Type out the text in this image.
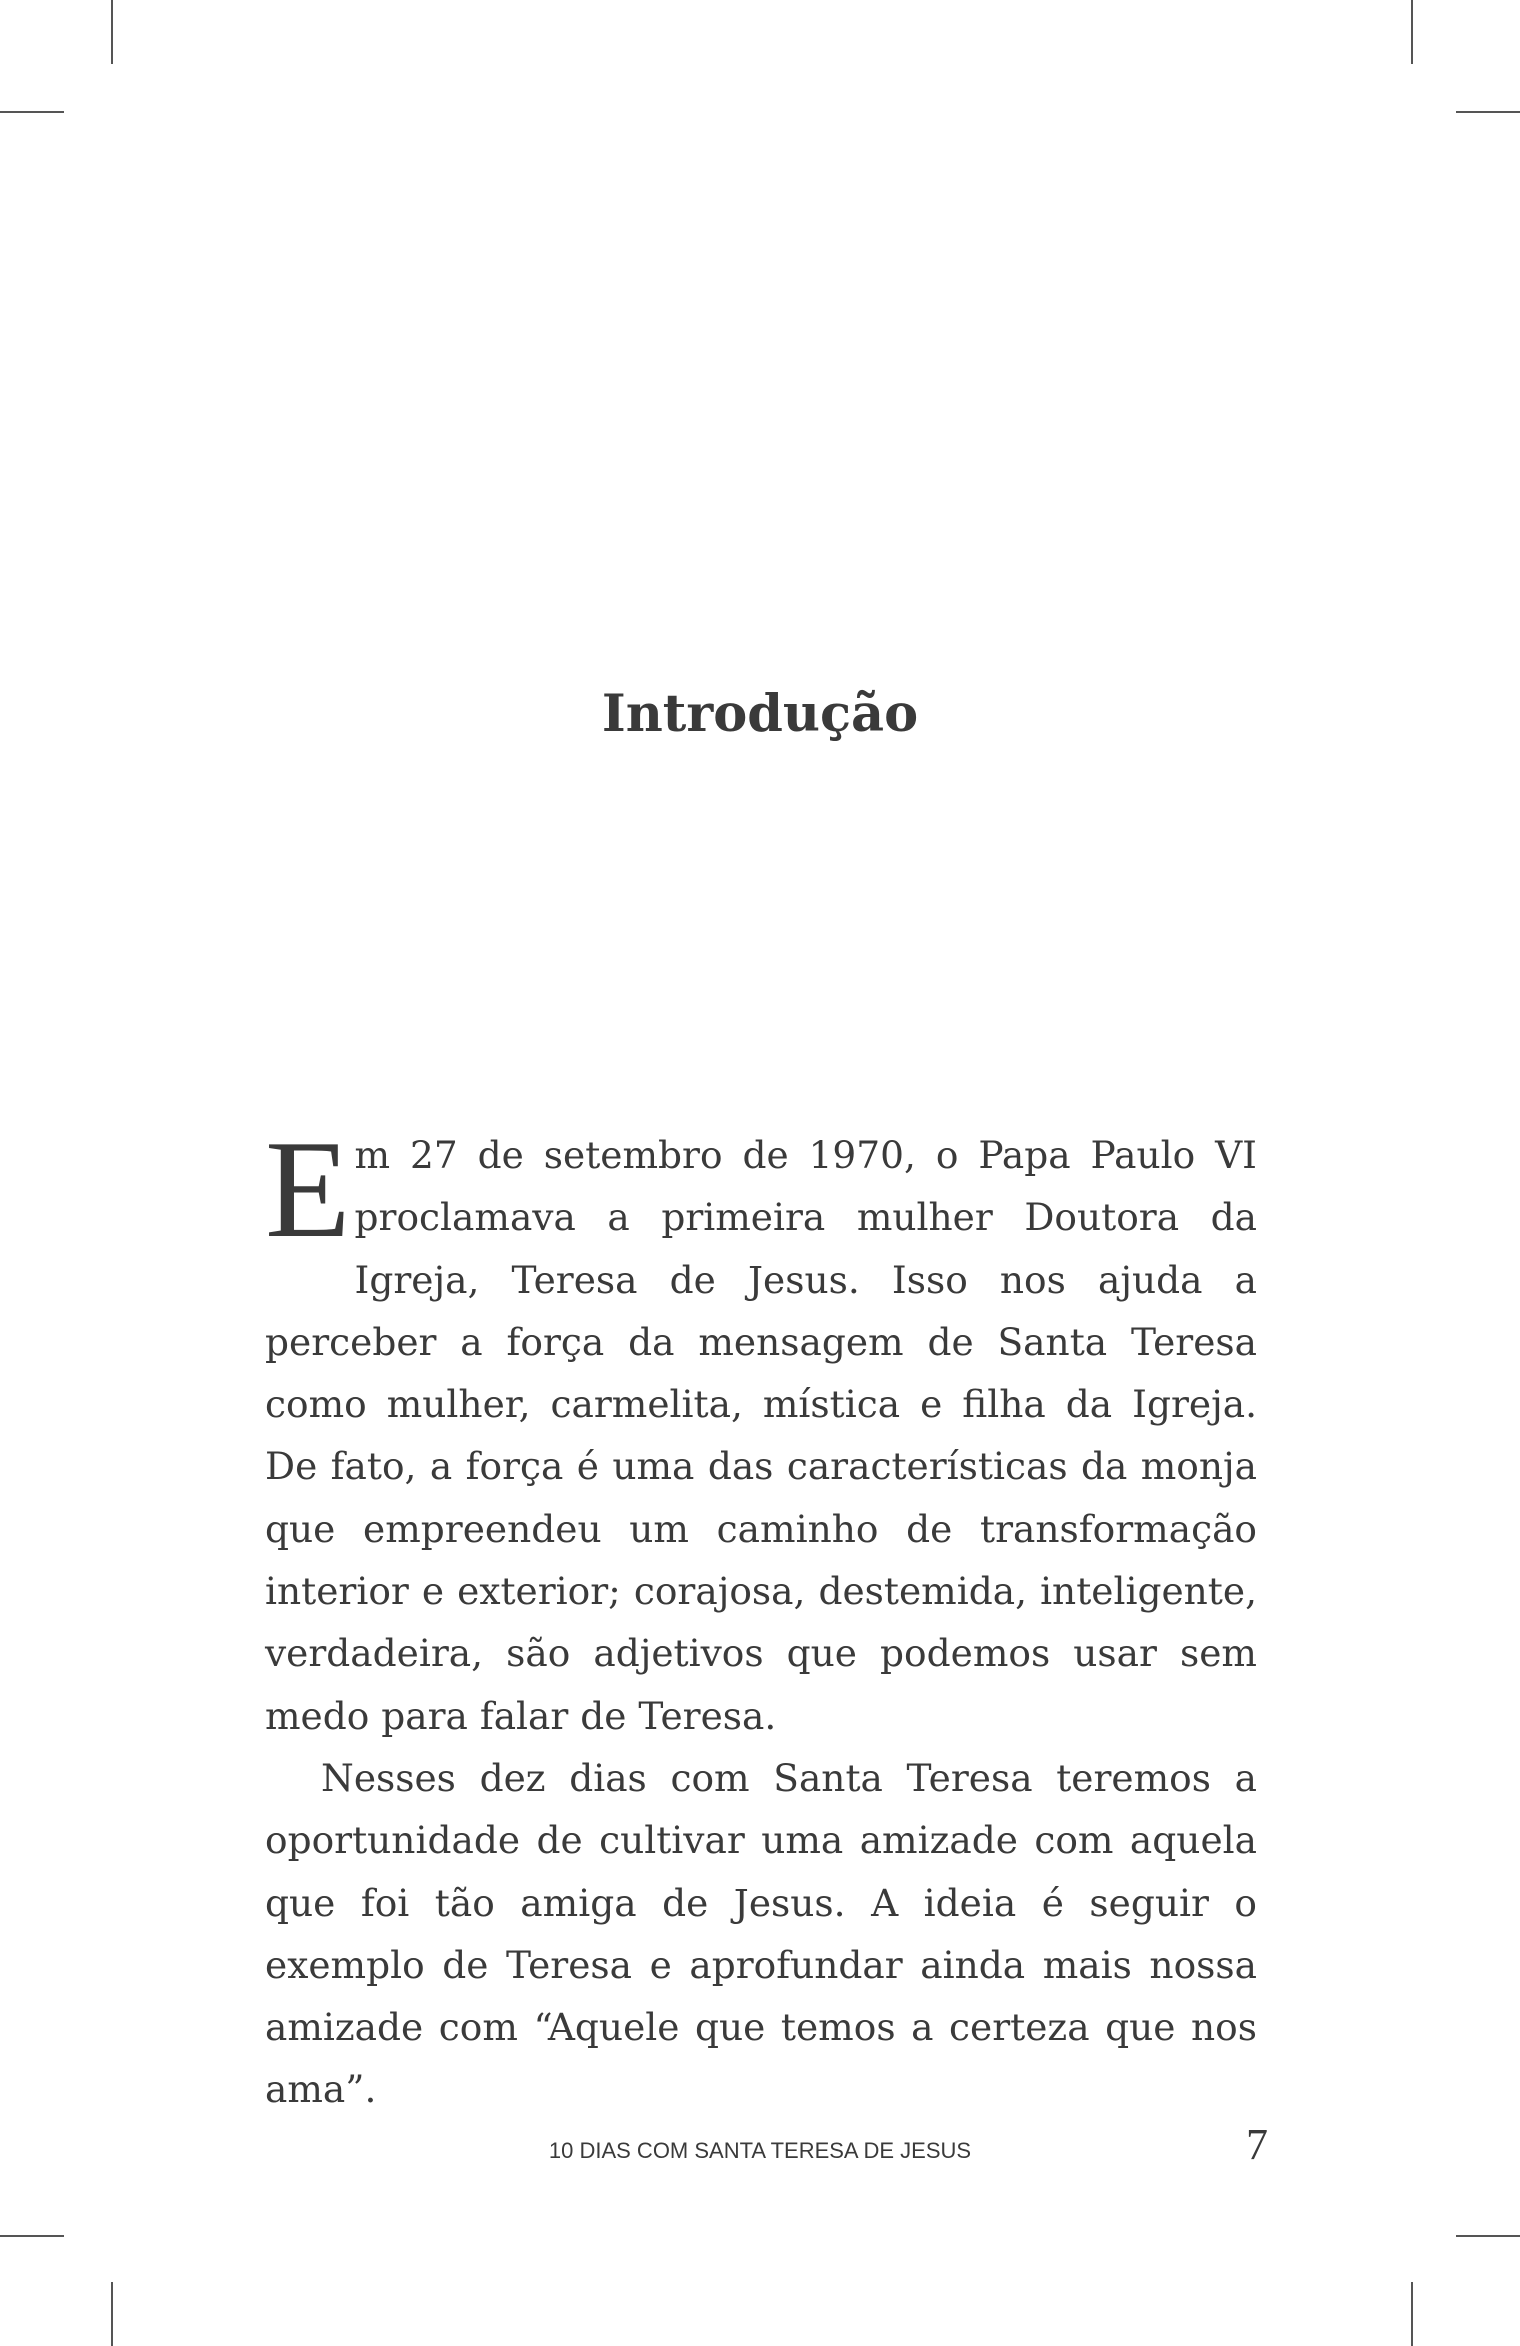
Introdução

Em 27 de setembro de 1970, o Papa Paulo VI proclamava a primeira mulher Doutora da Igreja, Teresa de Jesus. Isso nos ajuda a perceber a força da mensagem de Santa Teresa como mulher, carmelita, mística e filha da Igreja. De fato, a força é uma das características da monja que empreendeu um caminho de transformação interior e exterior; corajosa, destemida, inteligente, verdadeira, são adjetivos que podemos usar sem medo para falar de Teresa.

Nesses dez dias com Santa Teresa teremos a oportunidade de cultivar uma amizade com aquela que foi tão amiga de Jesus. A ideia é seguir o exemplo de Teresa e aprofundar ainda mais nossa amizade com “Aquele que temos a certeza que nos ama”.

10 DIAS COM SANTA TERESA DE JESUS	7
